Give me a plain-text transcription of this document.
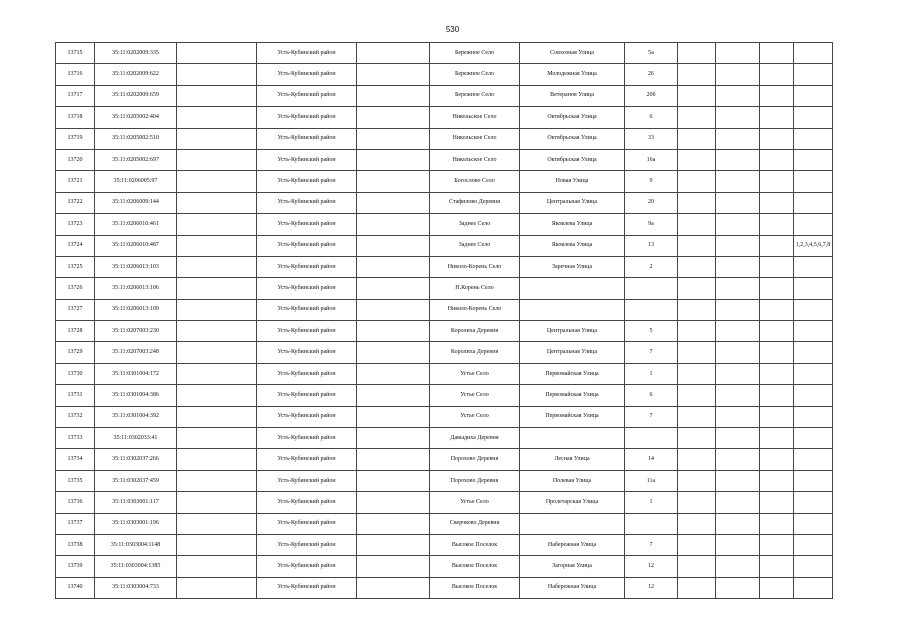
530
13715	35:11:0202009:335		Усть-Кубинский район		Бережное Село	Совхозная Улица	5а				
13716	35:11:0202009:622		Усть-Кубинский район		Бережное Село	Молодежная Улица	26				
13717	35:11:0202009:659		Усть-Кубинский район		Бережное Село	Ветеранов Улица	20б				
13718	35:11:0205002:404		Усть-Кубинский район		Никольское Село	Октябрьская Улица	6				
13719	35:11:0205002:510		Усть-Кубинский район		Никольское Село	Октябрьская Улица	33				
13720	35:11:0205002:697		Усть-Кубинский район		Никольское Село	Октябрьская Улица	16а				
13721	35:11:0206005:97		Усть-Кубинский район		Богослово Село	Новая Улица	9				
13722	35:11:0206009:144		Усть-Кубинский район		Стафилово Деревня	Центральная Улица	20				
13723	35:11:0206010:461		Усть-Кубинский район		Заднее Село	Яковлева Улица	9а				
13724	35:11:0206010:487		Усть-Кубинский район		Заднее Село	Яковлева Улица	13				1,2,3,4,5,6,7,8
13725	35:11:0206013:103		Усть-Кубинский район		Николо-Корень Село	Заречная Улица	2				
13726	35:11:0206013:106		Усть-Кубинский район		Н.Корень Село						
13727	35:11:0206013:109		Усть-Кубинский район		Николо-Корень Село						
13728	35:11:0207003:230		Усть-Кубинский район		Королиха Деревня	Центральная Улица	5				
13729	35:11:0207003:248		Усть-Кубинский район		Королиха Деревня	Центральная Улица	7				
13730	35:11:0301004:172		Усть-Кубинский район		Устье Село	Первомайская Улица	1				
13731	35:11:0301004:386		Усть-Кубинский район		Устье Село	Первомайская Улица	6				
13732	35:11:0301004:392		Усть-Кубинский район		Устье Село	Первомайская Улица	7				
13733	35:11:0302033:41		Усть-Кубинский район		Давыдиха Деревня						
13734	35:11:0302037:266		Усть-Кубинский район		Порохово Деревня	Лесная Улица	14				
13735	35:11:0302037:459		Усть-Кубинский район		Порохово Деревня	Полевая Улица	11а				
13736	35:11:0303001:117		Усть-Кубинский район		Устье Село	Пролетарская Улица	1				
13737	35:11:0303001:196		Усть-Кубинский район		Сверчково Деревня						
13738	35:11:0303004:1148		Усть-Кубинский район		Высокое Поселок	Набережная Улица	7				
13739	35:11:0303004:1385		Усть-Кубинский район		Высокое Поселок	Загорная Улица	12				
13740	35:11:0303004:733		Усть-Кубинский район		Высокое Поселок	Набережная Улица	12				
